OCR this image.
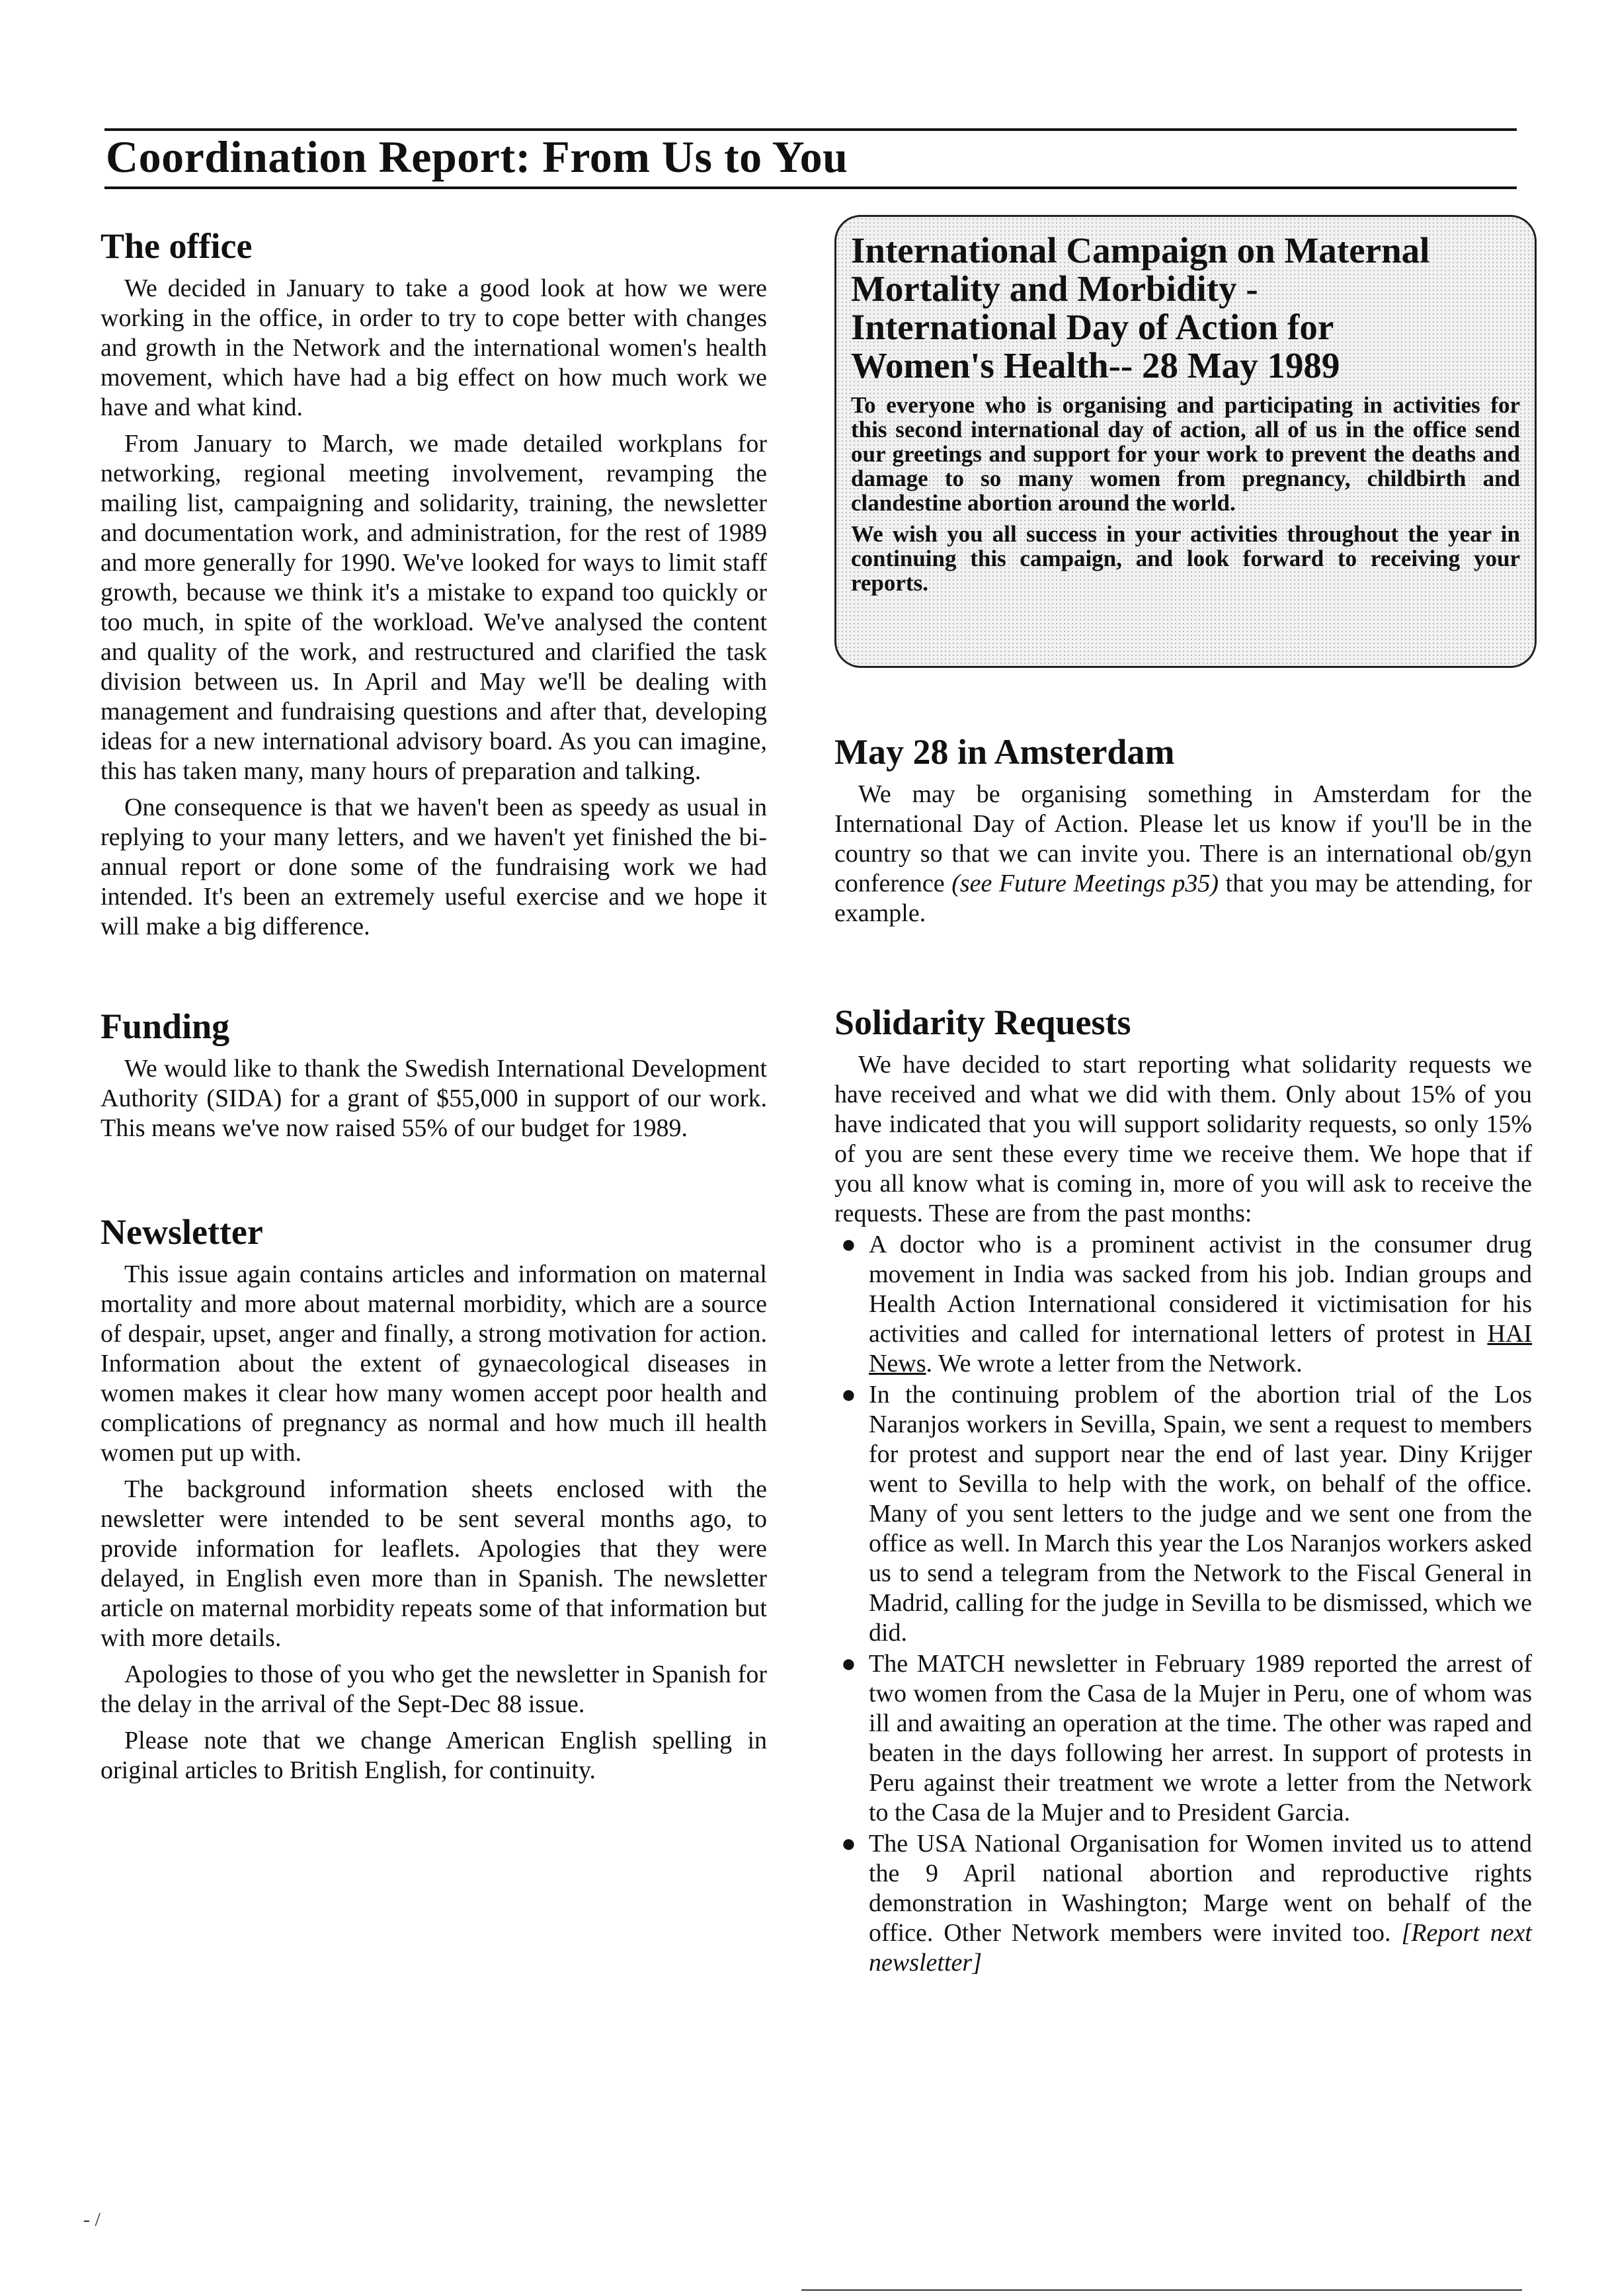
Coordination Report: From Us to You
The office

We decided in January to take a good look at how we were working in the office, in order to try to cope better with changes and growth in the Network and the international women's health movement, which have had a big effect on how much work we have and what kind.

From January to March, we made detailed workplans for networking, regional meeting involvement, revamping the mailing list, campaigning and solidarity, training, the newsletter and documentation work, and administration, for the rest of 1989 and more generally for 1990. We've looked for ways to limit staff growth, because we think it's a mistake to expand too quickly or too much, in spite of the workload. We've analysed the content and quality of the work, and restructured and clarified the task division between us. In April and May we'll be dealing with management and fundraising questions and after that, developing ideas for a new international advisory board. As you can imagine, this has taken many, many hours of preparation and talking.

One consequence is that we haven't been as speedy as usual in replying to your many letters, and we haven't yet finished the bi-annual report or done some of the fundraising work we had intended. It's been an extremely useful exercise and we hope it will make a big difference.

Funding

We would like to thank the Swedish International Development Authority (SIDA) for a grant of $55,000 in support of our work. This means we've now raised 55% of our budget for 1989.

Newsletter

This issue again contains articles and information on maternal mortality and more about maternal morbidity, which are a source of despair, upset, anger and finally, a strong motivation for action. Information about the extent of gynaecological diseases in women makes it clear how many women accept poor health and complications of pregnancy as normal and how much ill health women put up with.

The background information sheets enclosed with the newsletter were intended to be sent several months ago, to provide information for leaflets. Apologies that they were delayed, in English even more than in Spanish. The newsletter article on maternal morbidity repeats some of that information but with more details.

Apologies to those of you who get the newsletter in Spanish for the delay in the arrival of the Sept-Dec 88 issue.

Please note that we change American English spelling in original articles to British English, for continuity.

International Campaign on Maternal
Mortality and Morbidity -
International Day of Action for
Women's Health-- 28 May 1989

To everyone who is organising and participating in activities for this second international day of action, all of us in the office send our greetings and support for your work to prevent the deaths and damage to so many women from pregnancy, childbirth and clandestine abortion around the world.

We wish you all success in your activities throughout the year in continuing this campaign, and look forward to receiving your reports.

May 28 in Amsterdam

We may be organising something in Amsterdam for the International Day of Action. Please let us know if you'll be in the country so that we can invite you. There is an international ob/gyn conference (see Future Meetings p35) that you may be attending, for example.

Solidarity Requests

We have decided to start reporting what solidarity requests we have received and what we did with them. Only about 15% of you have indicated that you will support solidarity requests, so only 15% of you are sent these every time we receive them. We hope that if you all know what is coming in, more of you will ask to receive the requests. These are from the past months:

● A doctor who is a prominent activist in the consumer drug movement in India was sacked from his job. Indian groups and Health Action International considered it victimisation for his activities and called for international letters of protest in HAI News. We wrote a letter from the Network.
● In the continuing problem of the abortion trial of the Los Naranjos workers in Sevilla, Spain, we sent a request to members for protest and support near the end of last year. Diny Krijger went to Sevilla to help with the work, on behalf of the office. Many of you sent letters to the judge and we sent one from the office as well. In March this year the Los Naranjos workers asked us to send a telegram from the Network to the Fiscal General in Madrid, calling for the judge in Sevilla to be dismissed, which we did.
● The MATCH newsletter in February 1989 reported the arrest of two women from the Casa de la Mujer in Peru, one of whom was ill and awaiting an operation at the time. The other was raped and beaten in the days following her arrest. In support of protests in Peru against their treatment we wrote a letter from the Network to the Casa de la Mujer and to President Garcia.
● The USA National Organisation for Women invited us to attend the 9 April national abortion and reproductive rights demonstration in Washington; Marge went on behalf of the office. Other Network members were invited too. [Report next newsletter]
- /
